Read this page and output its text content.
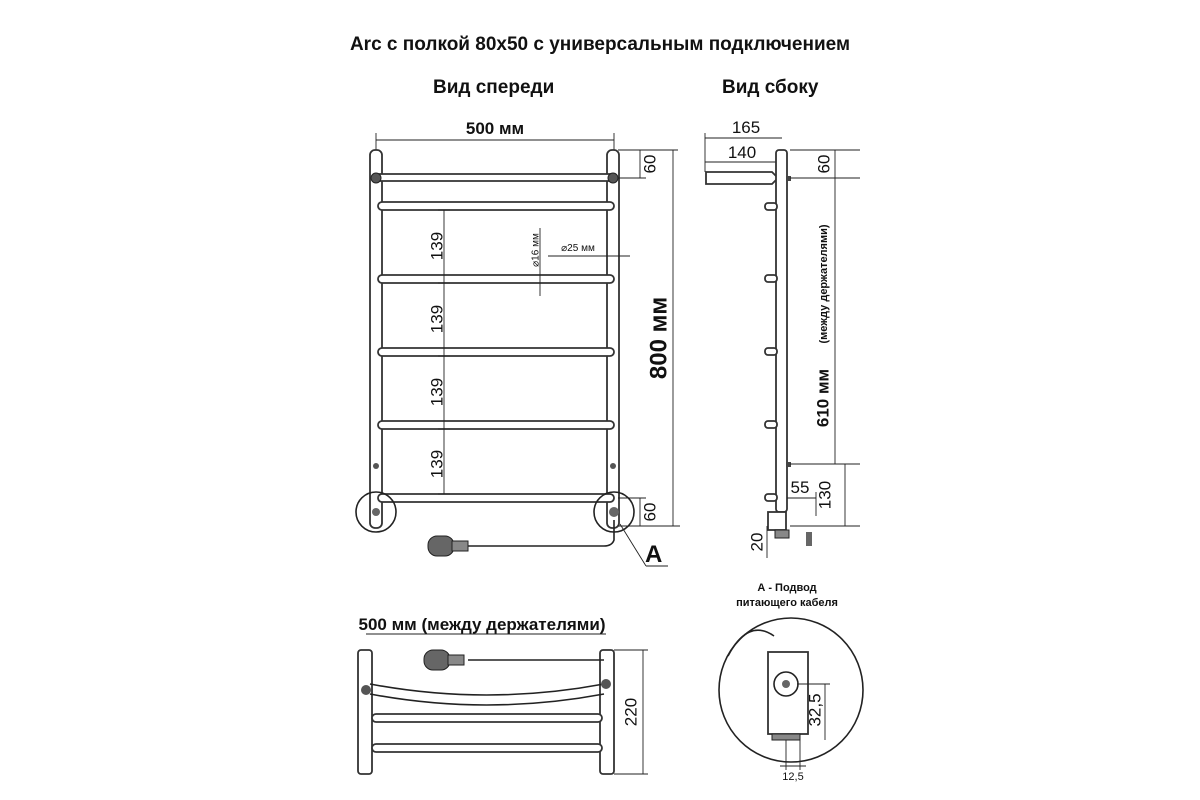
Arc с полкой 80x50 с универсальным подключением
Вид спереди	Вид сбоку
500 мм
A
139
139
139
139
⌀16 мм ⌀25 мм
60
800 мм
60
165
140
60
610 мм
(между держателями)
130
55
20
500 мм (между держателями)
220
А - Подвод
питающего кабеля
32,5
12,5
